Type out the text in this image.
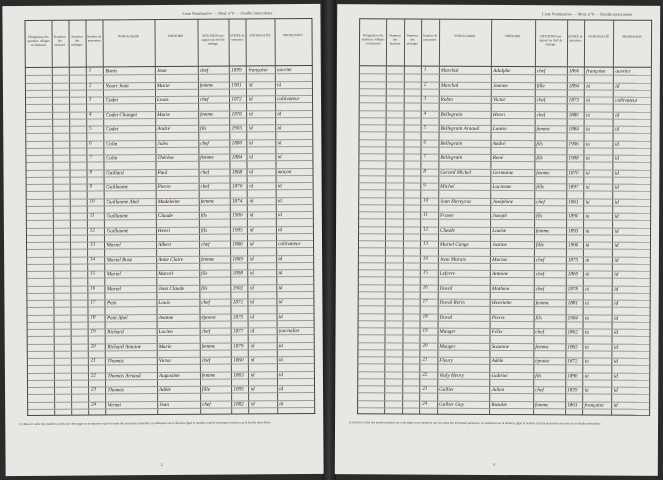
Liste Nominative — Mod. n°9 — Feuille intercalaire
Désignation des quartiers, villages ou hameaux
Numéros des maisons
Numéros des ménages
Nombre de personnes
NOM de famille	PRÉNOMS	SITUATION par rapport au chef de ménage
ANNÉE de naissance
NATIONALITÉ	PROFESSION
1	Bonis	Jean	chef	1899 française ouvrier
2	Nourt Jean	Marie	femme	1901 id	id
3	Cadet	Louis	chef	1872 id	cultivateur
4	Cadet Changet	Marie	femme	1876 id	id
5	Cadet	André	fils	1903 id	id
6	Colin	Jules	chef	1880 id	id
7	Colin	Thérèse	femme	1884 id	id
8	Gaillard	Paul	chef	1868 id	maçon
9	Guillaume	Pierre	chef	1870 id	id
10 Guillaume Abel	Madeleine	femme	1874 id	id
11 Guillaume	Claude	fils	1900 id	id
12 Guillaume	Henri	fils	1905 id	id
13 Martel	Albert	chef	1866 id	cultivateur
14 Martel Rose	Anne Claire	femme	1869 id	id
15 Martel	Marcel	fils	1898 id	id
16 Martel	Jean Claude	fils	1902 id	id
17 Petit	Louis	chef	1871 id	id
18 Petit Abel	Jeanne	épouse	1875 id	id
19 Richard	Lucien	chef	1877 id	journalier
20 Richard Antoine	Marie	femme	1879 id	id
21 Thomas	Victor	chef	1860 id	id
22 Thomas Arnaud	Augustine	femme	1863 id	id
23 Thomas	Adèle	fille	1895 id	id
24 Vernet	Jean	chef	1882 id	id
(1) Dans le cadre des numéros portés sur cette page on ne reportera que les noms des personnes présentes; on indiquera sur la dernière ligne le nombre total de personnes inscrites sur la feuille intercalaire.
2
Liste Nominative — Mod. n°9 — Feuille intercalaire
Désignation des quartiers, villages ou hameaux
Numéros des maisons
Numéros des ménages
Nombre de personnes
NOM de famille	PRÉNOMS	SITUATION par rapport au chef de ménage
ANNÉE de naissance
NATIONALITÉ	PROFESSION
1	Marchal	Adolphe	chef	1866 française ouvrier
2	Marchal	Jeanne	fille	1894 id	id
3	Robin	Victor	chef	1873 id	cultivateur
4	Bellegrain	Henri	chef	1880 id	id
5	Bellegrain Arnaud	Louise	femme	1884 id	id
6	Bellegrain	André	fils	1906 id	id
7	Bellegrain	René	fils	1908 id	id
8	Gerard Michel	Germaine	femme	1870 id	id
9	Michel	Lucienne	fille	1897 id	id
10 Jean Haveyrus	Joséphine	chef	1861 id	id
11 Fraser	Joseph	fils	1890 id	id
12 Claude	Louise	femme	1893 id	id
13 Martel Cange	Justine	fille	1900 id	id
14 Jean Marais	Marius	chef	1875 id	id
15 Lefevre	Antoine	chef	1869 id	id
16 Duval	Mathieu	chef	1878 id	id
17 Duval Rerin	Henriette	femme	1881 id	id
18 Duval	Pierre	fils	1904 id	id
19 Mauger	Félix	chef	1862 id	id
20 Mauger	Suzanne	femme	1865 id	id
21 Fleury	Adèle	épouse	1872 id	id
22 Vialy Henry	Gabriel	fils	1896 id	id
23 Gallier	Julien	chef	1859 id	id
24 Gallier Guy	Rosalie	femme	1863 française id
(1) Dans le cadre des numéros portés sur cette page on ne reportera que les noms des personnes présentes; on indiquera sur la dernière ligne le nombre total de personnes inscrites sur la feuille intercalaire.
3
